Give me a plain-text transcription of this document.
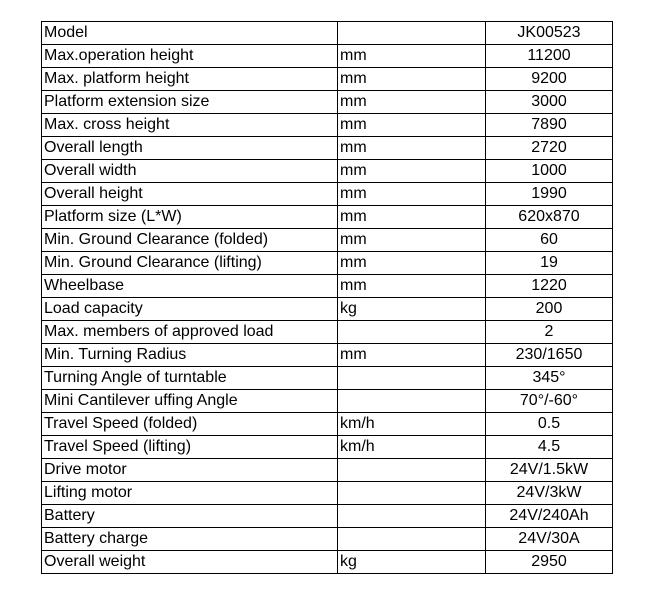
Model		JK00523
Max.operation height	mm	11200
Max. platform height	mm	9200
Platform extension size	mm	3000
Max. cross height	mm	7890
Overall length	mm	2720
Overall width	mm	1000
Overall height	mm	1990
Platform size (L*W)	mm	620x870
Min. Ground Clearance (folded)	mm	60
Min. Ground Clearance (lifting)	mm	19
Wheelbase	mm	1220
Load capacity	kg	200
Max. members of approved load		2
Min. Turning Radius	mm	230/1650
Turning Angle of turntable		345°
Mini Cantilever uffing Angle		70°/-60°
Travel Speed (folded)	km/h	0.5
Travel Speed (lifting)	km/h	4.5
Drive motor		24V/1.5kW
Lifting motor		24V/3kW
Battery		24V/240Ah
Battery charge		24V/30A
Overall weight	kg	2950
